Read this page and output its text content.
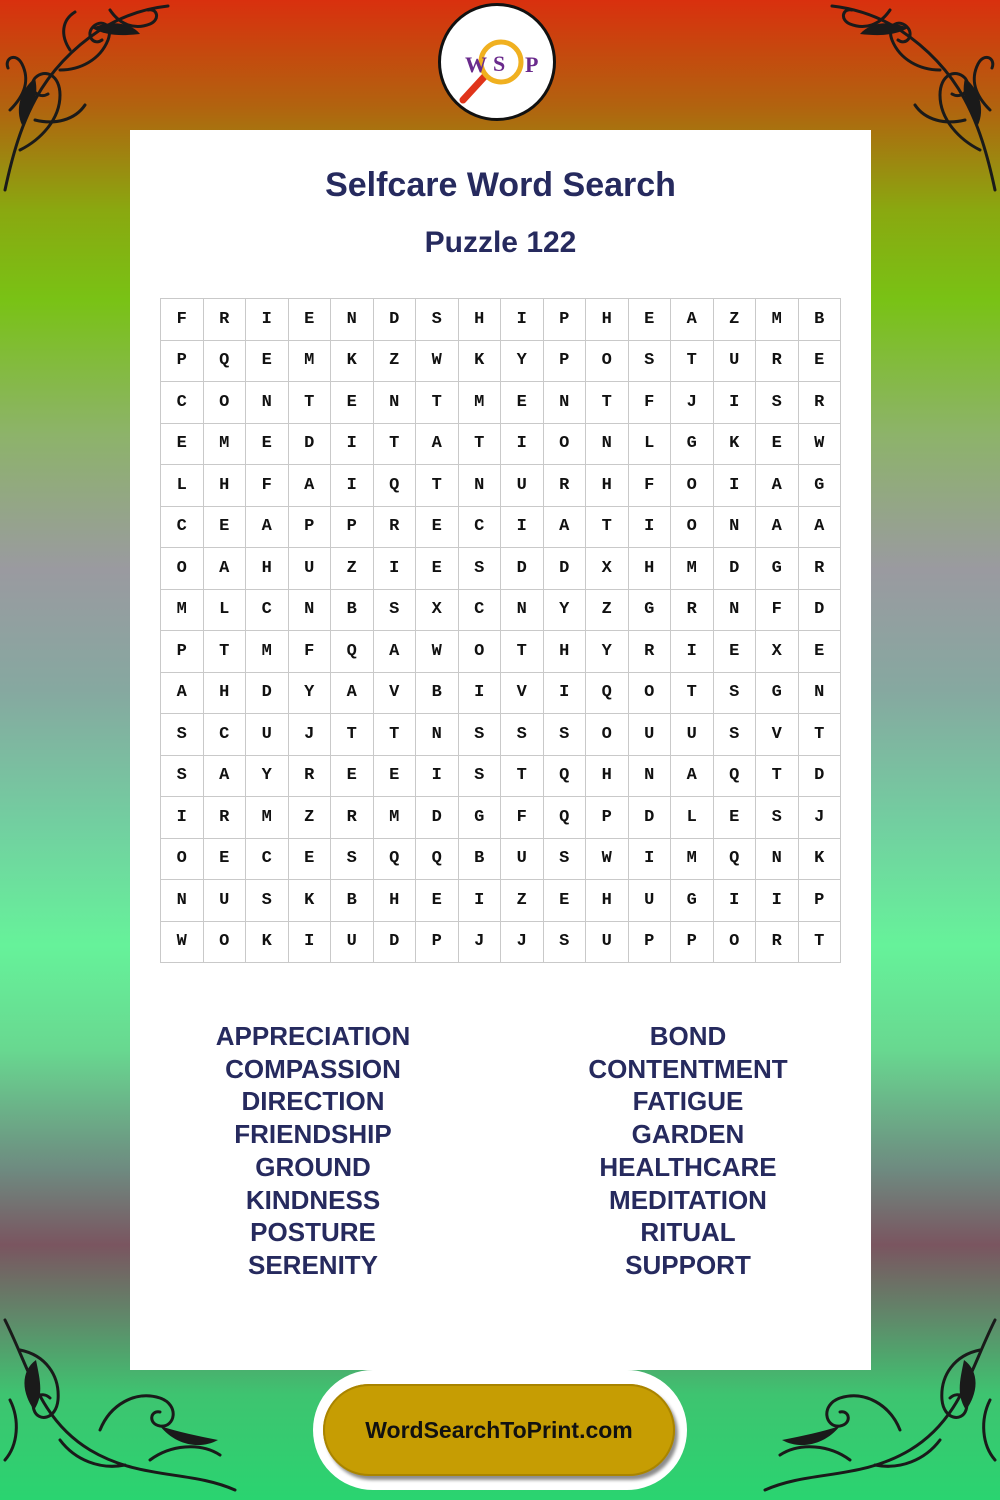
W S P
Selfcare Word Search
Puzzle 122
F	R	I	E	N	D	S	H	I	P	H	E	A	Z	M	B
P	Q	E	M	K	Z	W	K	Y	P	O	S	T	U	R	E
C	O	N	T	E	N	T	M	E	N	T	F	J	I	S	R
E	M	E	D	I	T	A	T	I	O	N	L	G	K	E	W
L	H	F	A	I	Q	T	N	U	R	H	F	O	I	A	G
C	E	A	P	P	R	E	C	I	A	T	I	O	N	A	A
O	A	H	U	Z	I	E	S	D	D	X	H	M	D	G	R
M	L	C	N	B	S	X	C	N	Y	Z	G	R	N	F	D
P	T	M	F	Q	A	W	O	T	H	Y	R	I	E	X	E
A	H	D	Y	A	V	B	I	V	I	Q	O	T	S	G	N
S	C	U	J	T	T	N	S	S	S	O	U	U	S	V	T
S	A	Y	R	E	E	I	S	T	Q	H	N	A	Q	T	D
I	R	M	Z	R	M	D	G	F	Q	P	D	L	E	S	J
O	E	C	E	S	Q	Q	B	U	S	W	I	M	Q	N	K
N	U	S	K	B	H	E	I	Z	E	H	U	G	I	I	P
W	O	K	I	U	D	P	J	J	S	U	P	P	O	R	T
APPRECIATION
COMPASSION
DIRECTION
FRIENDSHIP
GROUND
KINDNESS
POSTURE
SERENITY
BOND
CONTENTMENT
FATIGUE
GARDEN
HEALTHCARE
MEDITATION
RITUAL
SUPPORT
WordSearchToPrint.com
